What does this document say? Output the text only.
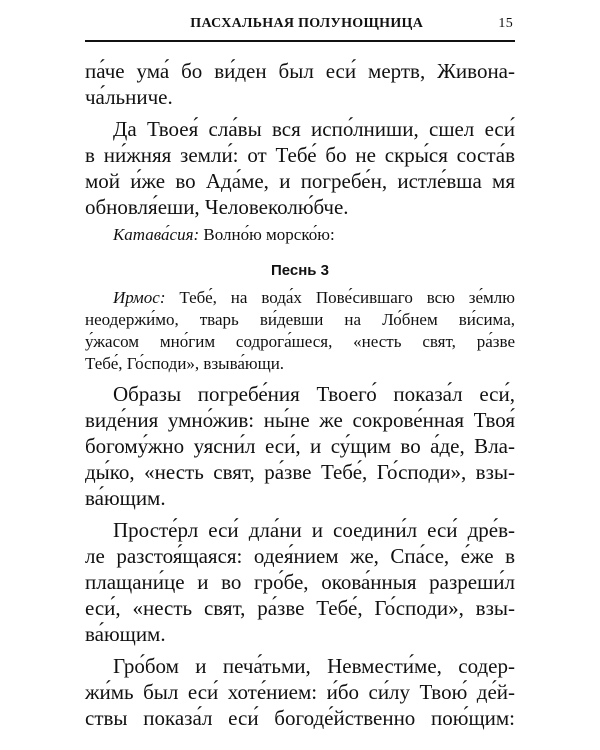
ПАСХАЛЬНАЯ ПОЛУНОЩНИЦА	15

па́че ума́ бо ви́ден был еси́ мертв, Живона-
ча́льниче.

Да Твоея́ сла́вы вся испо́лниши, сшел еси́
в ни́жняя земли́: от Тебе́ бо не скры́ся соста́в
мой и́же во Ада́ме, и погребе́н, истле́вша мя
обновля́еши, Человеколю́бче.

Катава́сия: Волно́ю морско́ю:
Песнь 3
Ирмос: Тебе́, на вода́х Пове́сившаго всю зе́млю
неодержи́мо, тварь ви́девши на Ло́бнем ви́сима,
у́жасом мно́гим содрога́шеся, «несть свят, ра́зве
Тебе́, Го́споди», взыва́ющи.

Образы погребе́ния Твоего́ показа́л еси́,
виде́ния умно́жив: ны́не же сокрове́нная Твоя́
богому́жно уясни́л еси́, и су́щим во а́де, Вла-
ды́ко, «несть свят, ра́зве Тебе́, Го́споди», взы-
ва́ющим.

Просте́рл еси́ дла́ни и соедини́л еси́ дре́в-
ле разстоя́щаяся: одея́нием же, Спа́се, е́же в
плащани́це и во гро́бе, окова́нныя разреши́л
еси́, «несть свят, ра́зве Тебе́, Го́споди», взы-
ва́ющим.

Гро́бом и печа́тьми, Невмести́ме, содер-
жи́мь был еси́ хоте́нием: и́бо си́лу Твою́ де́й-
ствы показа́л еси́ богоде́йственно пою́щим:
